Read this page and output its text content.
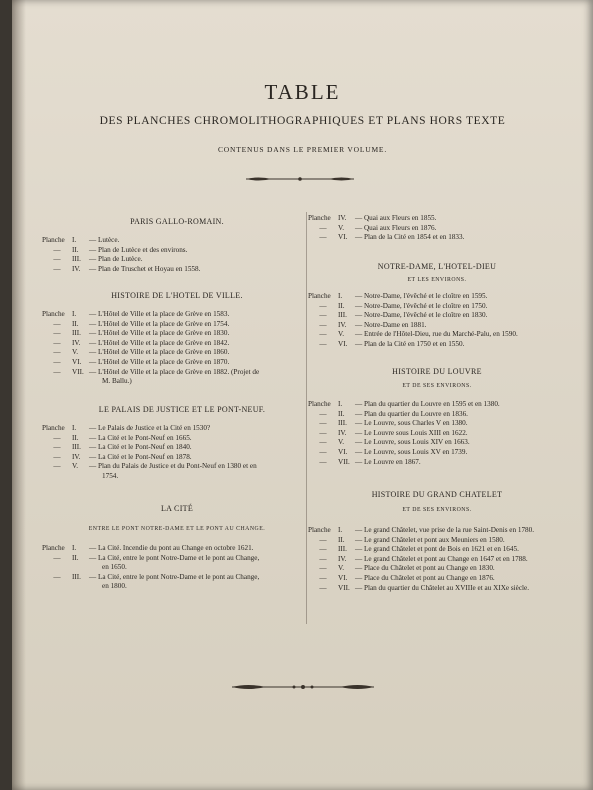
TABLE
DES PLANCHES CHROMOLITHOGRAPHIQUES ET PLANS HORS TEXTE
CONTENUS DANS LE PREMIER VOLUME.
PARIS GALLO-ROMAIN.
Planche I. — Lutèce.
— II. — Plan de Lutèce et des environs.
— III. — Plan de Lutèce.
— IV. — Plan de Truschet et Hoyau en 1558.
HISTOIRE DE L'HOTEL DE VILLE.
Planche I. — L'Hôtel de Ville et la place de Grève en 1583.
— II. — L'Hôtel de Ville et la place de Grève en 1754.
— III. — L'Hôtel de Ville et la place de Grève en 1830.
— IV. — L'Hôtel de Ville et la place de Grève en 1842.
— V. — L'Hôtel de Ville et la place de Grève en 1860.
— VI. — L'Hôtel de Ville et la place de Grève en 1870.
— VII. — L'Hôtel de Ville et la place de Grève en 1882. (Projet de
M. Ballu.)
LE PALAIS DE JUSTICE ET LE PONT-NEUF.
Planche I. — Le Palais de Justice et la Cité en 1530?
— II. — La Cité et le Pont-Neuf en 1665.
— III. — La Cité et le Pont-Neuf en 1840.
— IV. — La Cité et le Pont-Neuf en 1878.
— V. — Plan du Palais de Justice et du Pont-Neuf en 1380 et en
1754.
LA CITÉ
ENTRE LE PONT NOTRE-DAME ET LE PONT AU CHANGE.
Planche I. — La Cité. Incendie du pont au Change en octobre 1621.
— II. — La Cité, entre le pont Notre-Dame et le pont au Change,
en 1650.
— III. — La Cité, entre le pont Notre-Dame et le pont au Change,
en 1800.
Planche IV. — Quai aux Fleurs en 1855.
— V. — Quai aux Fleurs en 1876.
— VI. — Plan de la Cité en 1854 et en 1833.
NOTRE-DAME, L'HOTEL-DIEU
ET LES ENVIRONS.
Planche I. — Notre-Dame, l'évêché et le cloître en 1595.
— II. — Notre-Dame, l'évêché et le cloître en 1750.
— III. — Notre-Dame, l'évêché et le cloître en 1830.
— IV. — Notre-Dame en 1881.
— V. — Entrée de l'Hôtel-Dieu, rue du Marché-Palu, en 1590.
— VI. — Plan de la Cité en 1750 et en 1550.
HISTOIRE DU LOUVRE
ET DE SES ENVIRONS.
Planche I. — Plan du quartier du Louvre en 1595 et en 1380.
— II. — Plan du quartier du Louvre en 1836.
— III. — Le Louvre, sous Charles V en 1380.
— IV. — Le Louvre sous Louis XIII en 1622.
— V. — Le Louvre, sous Louis XIV en 1663.
— VI. — Le Louvre, sous Louis XV en 1739.
— VII. — Le Louvre en 1867.
HISTOIRE DU GRAND CHATELET
ET DE SES ENVIRONS.
Planche I. — Le grand Châtelet, vue prise de la rue Saint-Denis en 1780.
— II. — Le grand Châtelet et pont aux Meuniers en 1580.
— III. — Le grand Châtelet et pont de Bois en 1621 et en 1645.
— IV. — Le grand Châtelet et pont au Change en 1647 et en 1788.
— V. — Place du Châtelet et pont au Change en 1830.
— VI. — Place du Châtelet et pont au Change en 1876.
— VII. — Plan du quartier du Châtelet au XVIIIe et au XIXe siècle.
